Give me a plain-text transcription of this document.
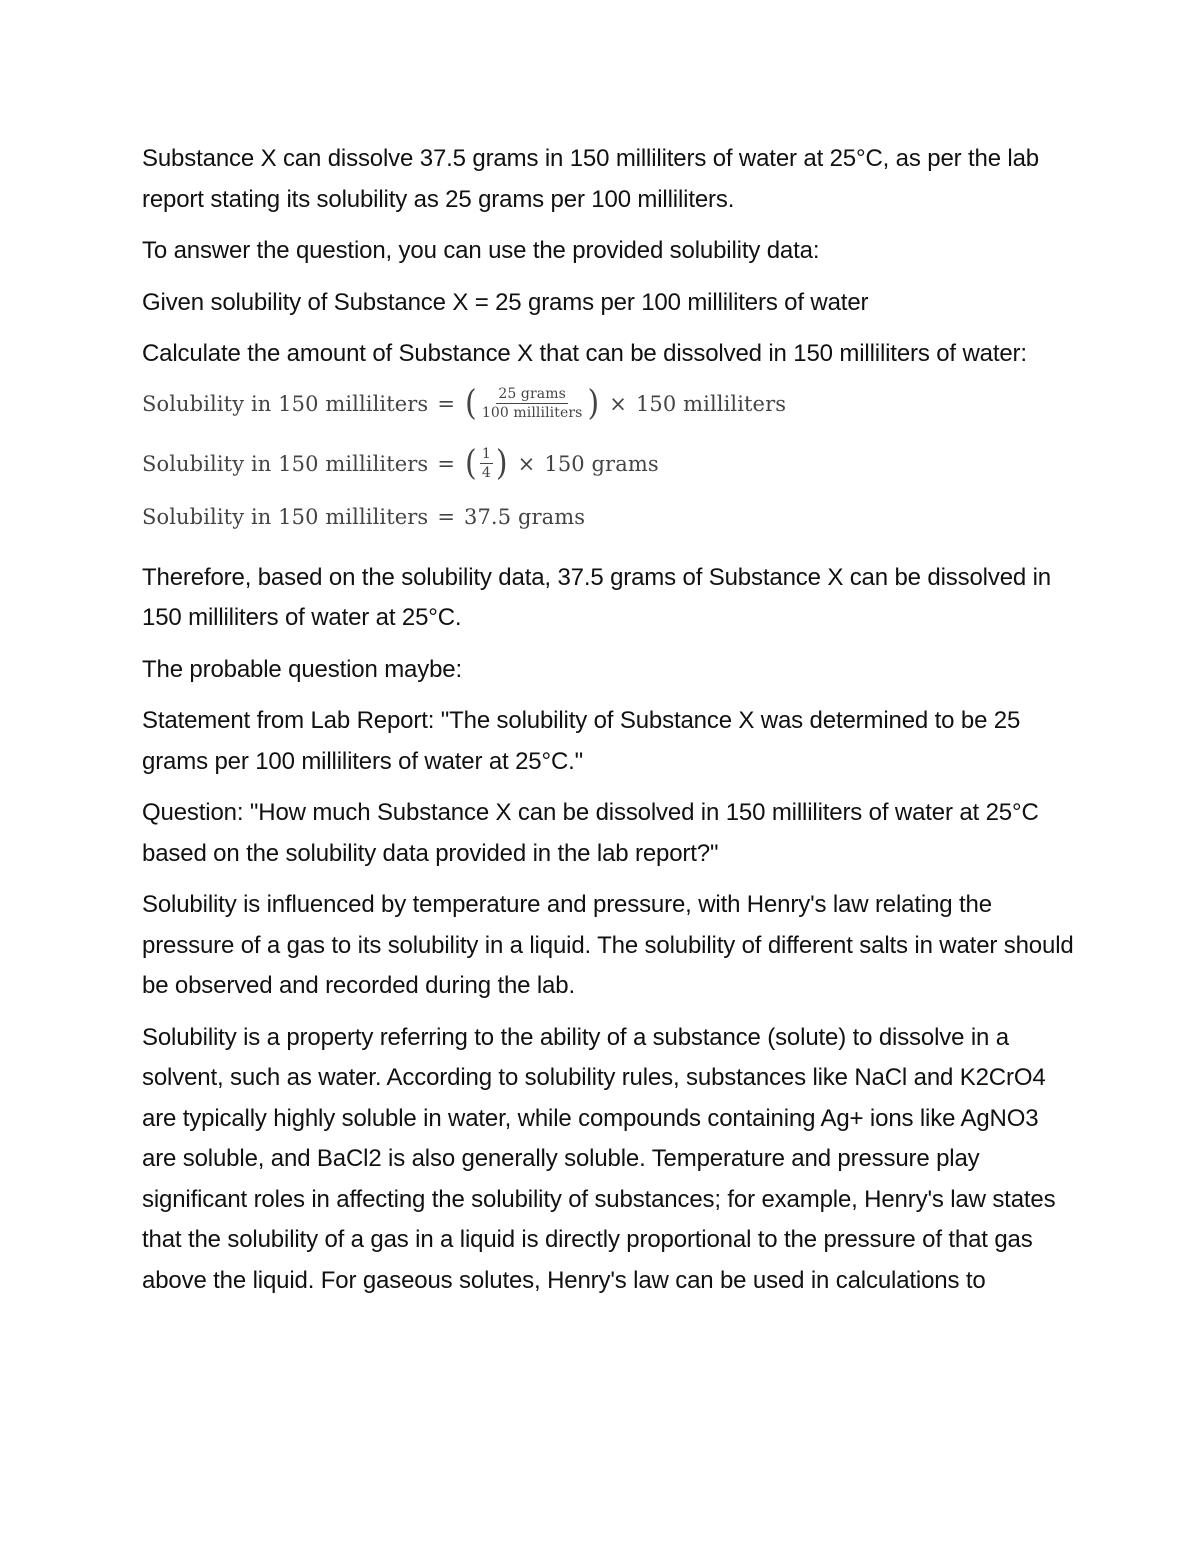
Substance X can dissolve 37.5 grams in 150 milliliters of water at 25°C, as per the lab report stating its solubility as 25 grams per 100 milliliters.

To answer the question, you can use the provided solubility data:

Given solubility of Substance X = 25 grams per 100 milliliters of water

Calculate the amount of Substance X that can be dissolved in 150 milliliters of water:

Solubility in 150 milliliters = ( $\frac{\text{25 grams}}{\text{100 milliliters}}$ ) × 150 milliliters
Solubility in 150 milliliters = ( $\frac{1}{4}$ ) × 150 grams
Solubility in 150 milliliters = 37.5 grams

Therefore, based on the solubility data, 37.5 grams of Substance X can be dissolved in 150 milliliters of water at 25°C.

The probable question maybe:

Statement from Lab Report: "The solubility of Substance X was determined to be 25 grams per 100 milliliters of water at 25°C."

Question: "How much Substance X can be dissolved in 150 milliliters of water at 25°C based on the solubility data provided in the lab report?"

Solubility is influenced by temperature and pressure, with Henry's law relating the pressure of a gas to its solubility in a liquid. The solubility of different salts in water should be observed and recorded during the lab.

Solubility is a property referring to the ability of a substance (solute) to dissolve in a solvent, such as water. According to solubility rules, substances like NaCl and K2CrO4 are typically highly soluble in water, while compounds containing Ag+ ions like AgNO3 are soluble, and BaCl2 is also generally soluble. Temperature and pressure play significant roles in affecting the solubility of substances; for example, Henry's law states that the solubility of a gas in a liquid is directly proportional to the pressure of that gas above the liquid. For gaseous solutes, Henry's law can be used in calculations to
